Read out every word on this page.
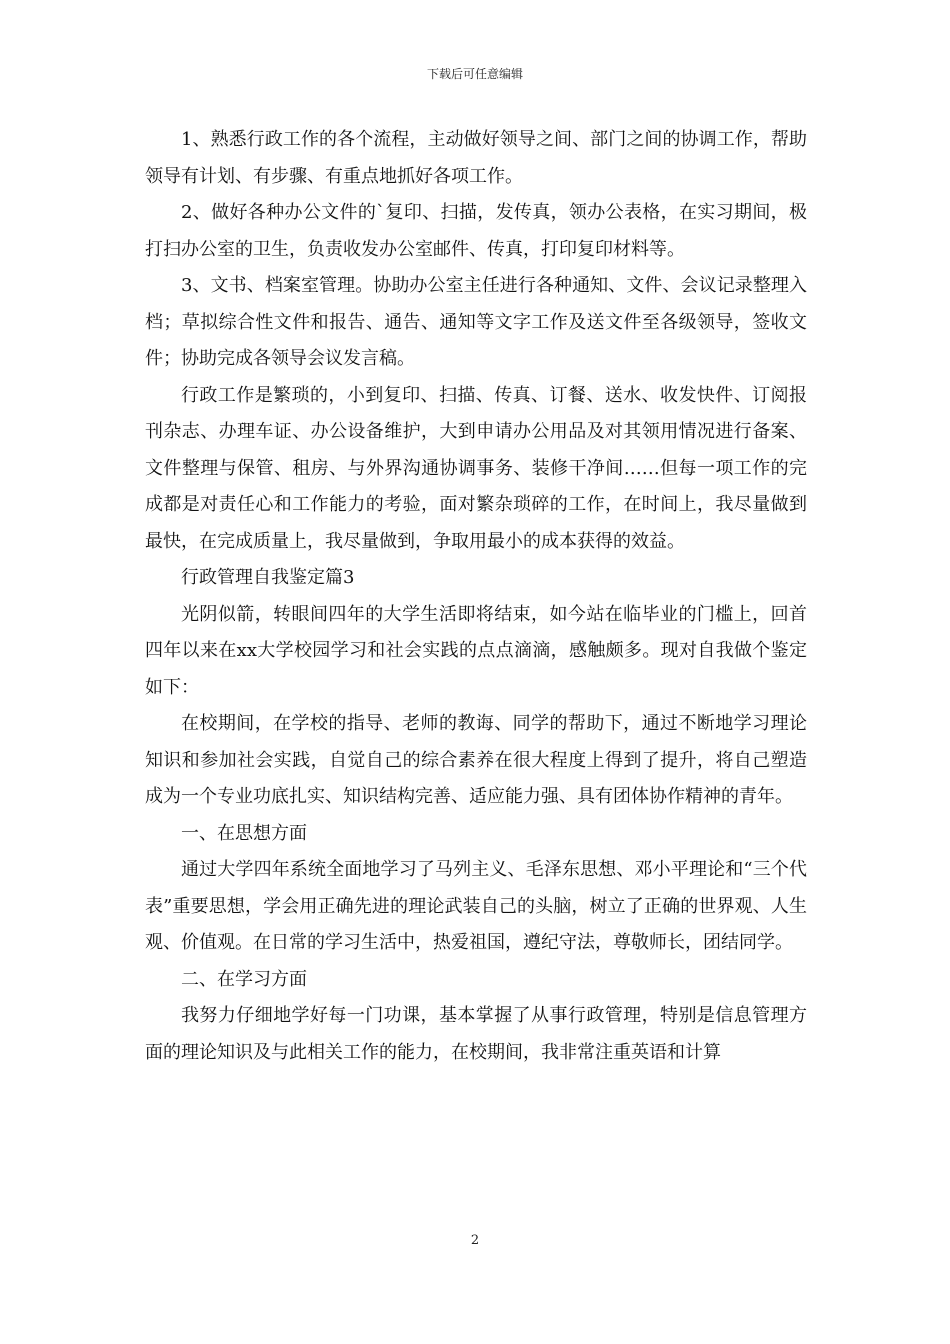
下载后可任意编辑

1、熟悉行政工作的各个流程，主动做好领导之间、部门之间的协调工作，帮助领导有计划、有步骤、有重点地抓好各项工作。

2、做好各种办公文件的`复印、扫描，发传真，领办公表格，在实习期间，极打扫办公室的卫生，负责收发办公室邮件、传真，打印复印材料等。

3、文书、档案室管理。协助办公室主任进行各种通知、文件、会议记录整理入档；草拟综合性文件和报告、通告、通知等文字工作及送文件至各级领导，签收文件；协助完成各领导会议发言稿。

行政工作是繁琐的，小到复印、扫描、传真、订餐、送水、收发快件、订阅报刊杂志、办理车证、办公设备维护，大到申请办公用品及对其领用情况进行备案、文件整理与保管、租房、与外界沟通协调事务、装修干净间……但每一项工作的完成都是对责任心和工作能力的考验，面对繁杂琐碎的工作，在时间上，我尽量做到最快，在完成质量上，我尽量做到，争取用最小的成本获得的效益。

行政管理自我鉴定篇3

光阴似箭，转眼间四年的大学生活即将结束，如今站在临毕业的门槛上，回首四年以来在xx大学校园学习和社会实践的点点滴滴，感触颇多。现对自我做个鉴定如下：

在校期间，在学校的指导、老师的教诲、同学的帮助下，通过不断地学习理论知识和参加社会实践，自觉自己的综合素养在很大程度上得到了提升，将自己塑造成为一个专业功底扎实、知识结构完善、适应能力强、具有团体协作精神的青年。

一、在思想方面

通过大学四年系统全面地学习了马列主义、毛泽东思想、邓小平理论和“三个代表”重要思想，学会用正确先进的理论武装自己的头脑，树立了正确的世界观、人生观、价值观。在日常的学习生活中，热爱祖国，遵纪守法，尊敬师长，团结同学。

二、在学习方面

我努力仔细地学好每一门功课，基本掌握了从事行政管理，特别是信息管理方面的理论知识及与此相关工作的能力，在校期间，我非常注重英语和计算

2
